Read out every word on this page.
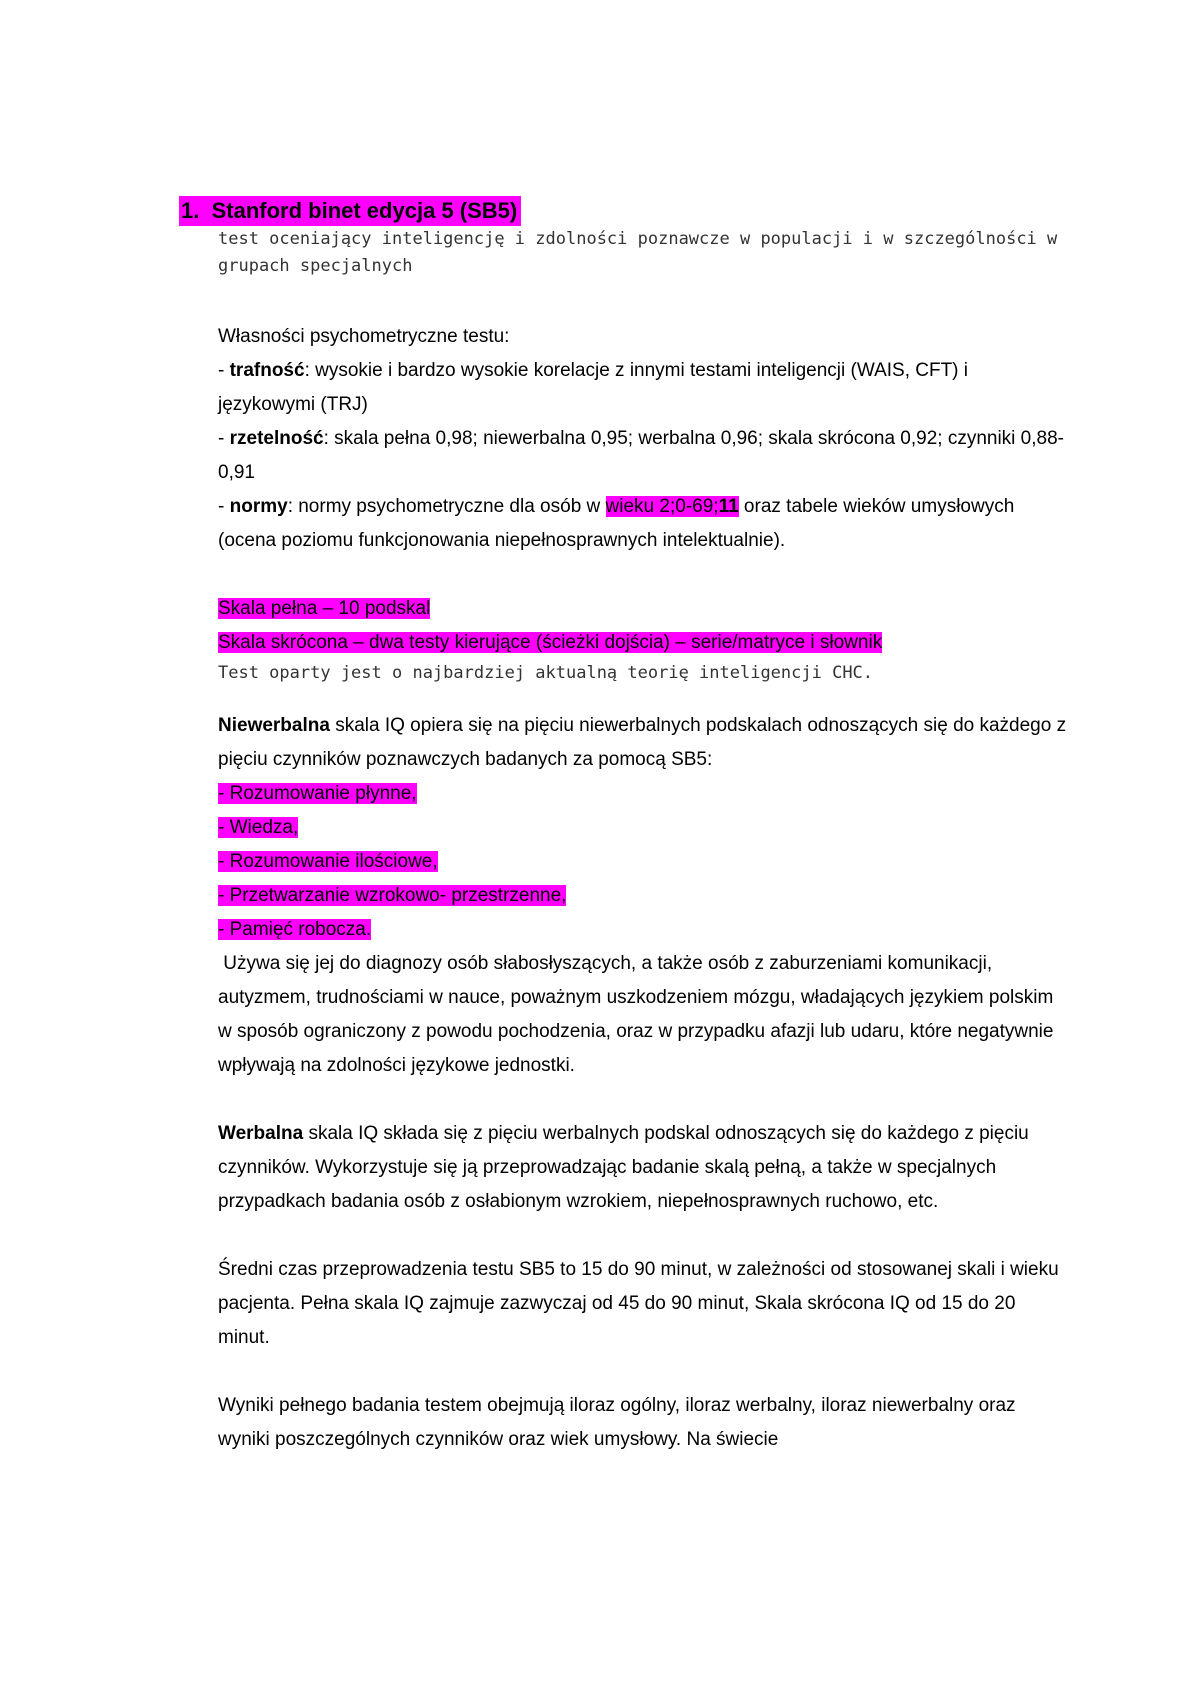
1. Stanford binet edycja 5 (SB5)
test oceniający inteligencję i zdolności poznawcze w populacji i w szczególności w grupach specjalnych

Własności psychometryczne testu:

- trafność: wysokie i bardzo wysokie korelacje z innymi testami inteligencji (WAIS, CFT) i językowymi (TRJ)

- rzetelność: skala pełna 0,98; niewerbalna 0,95; werbalna 0,96; skala skrócona 0,92; czynniki 0,88-0,91

- normy: normy psychometryczne dla osób w wieku 2;0-69;11 oraz tabele wieków umysłowych (ocena poziomu funkcjonowania niepełnosprawnych intelektualnie).

Skala pełna – 10 podskal

Skala skrócona – dwa testy kierujące (ścieżki dojścia) – serie/matryce i słownik

Test oparty jest o najbardziej aktualną teorię inteligencji CHC.

Niewerbalna skala IQ opiera się na pięciu niewerbalnych podskalach odnoszących się do każdego z pięciu czynników poznawczych badanych za pomocą SB5:

- Rozumowanie płynne,

- Wiedza,

- Rozumowanie ilościowe,

- Przetwarzanie wzrokowo- przestrzenne,

- Pamięć robocza.

Używa się jej do diagnozy osób słabosłyszących, a także osób z zaburzeniami komunikacji, autyzmem, trudnościami w nauce, poważnym uszkodzeniem mózgu, władających językiem polskim w sposób ograniczony z powodu pochodzenia, oraz w przypadku afazji lub udaru, które negatywnie wpływają na zdolności językowe jednostki.

Werbalna skala IQ składa się z pięciu werbalnych podskal odnoszących się do każdego z pięciu czynników. Wykorzystuje się ją przeprowadzając badanie skalą pełną, a także w specjalnych przypadkach badania osób z osłabionym wzrokiem, niepełnosprawnych ruchowo, etc.

Średni czas przeprowadzenia testu SB5 to 15 do 90 minut, w zależności od stosowanej skali i wieku pacjenta. Pełna skala IQ zajmuje zazwyczaj od 45 do 90 minut, Skala skrócona IQ od 15 do 20 minut.

Wyniki pełnego badania testem obejmują iloraz ogólny, iloraz werbalny, iloraz niewerbalny oraz wyniki poszczególnych czynników oraz wiek umysłowy. Na świecie
